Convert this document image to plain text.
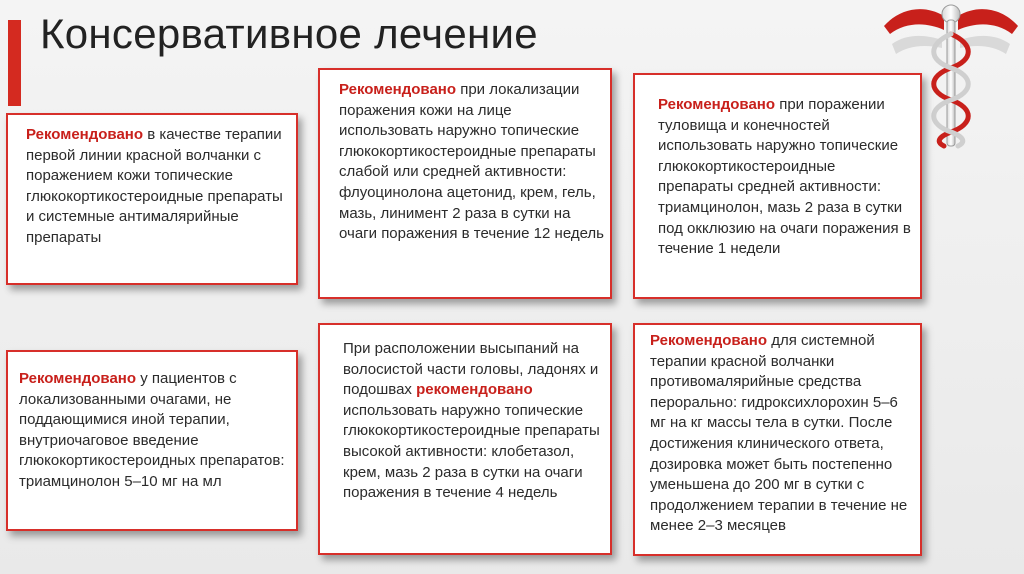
Консервативное лечение

Рекомендовано в качестве терапии первой линии красной волчанки с поражением кожи топические глюкокортикостероидные препараты и системные антималярийные препараты

Рекомендовано при локализации поражения кожи на лице использовать наружно топические глюкокортикостероидные препараты слабой или средней активности: флуоцинолона ацетонид, крем, гель, мазь, линимент 2 раза в сутки на очаги поражения в течение 12 недель

Рекомендовано при поражении туловища и конечностей использовать наружно топические глюкокортикостероидные препараты средней активности: триамцинолон, мазь 2 раза в сутки под окклюзию на очаги поражения в течение 1 недели

Рекомендовано у пациентов с локализованными очагами, не поддающимися иной терапии, внутриочаговое введение глюкокортикостероидных препаратов:

триамцинолон 5–10 мг на мл

При расположении высыпаний на волосистой части головы, ладонях и подошвах рекомендовано использовать наружно топические глюкокортикостероидные препараты высокой активности: клобетазол, крем, мазь 2 раза в сутки на очаги поражения в течение 4 недель

Рекомендовано для системной терапии красной волчанки противомалярийные средства перорально: гидроксихлорохин 5–6 мг на кг массы тела в сутки. После достижения клинического ответа, дозировка может быть постепенно уменьшена до 200 мг в сутки с продолжением терапии в течение не менее 2–3 месяцев
